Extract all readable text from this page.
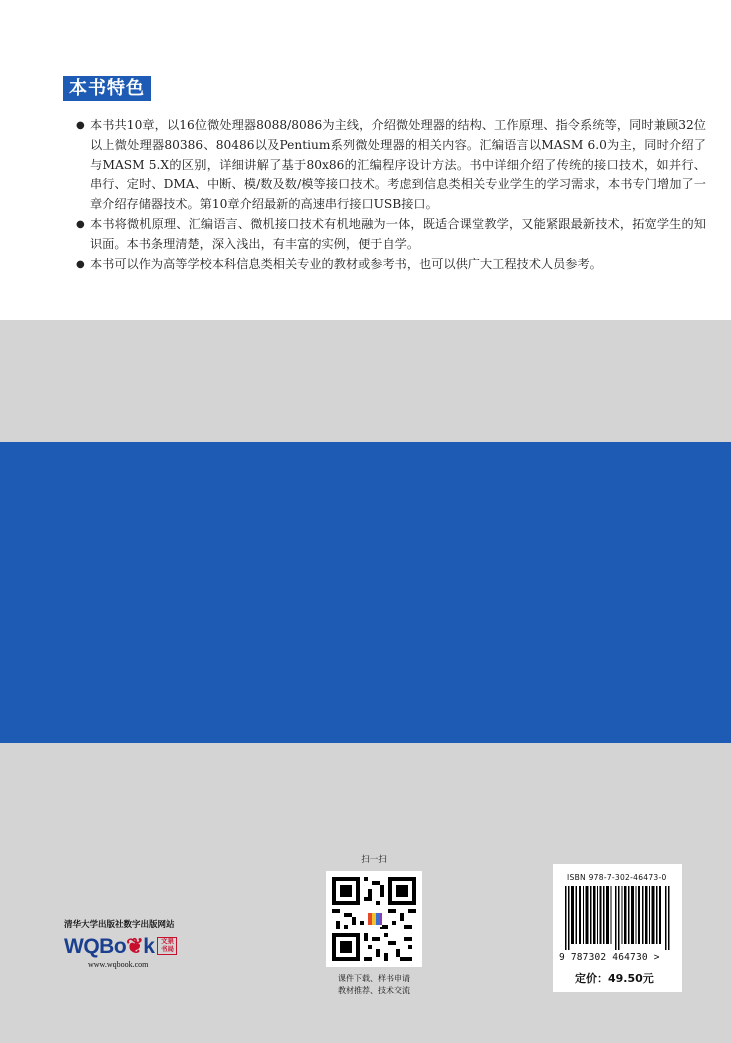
本书特色
● 本书共10章，以16位微处理器8088/8086为主线，介绍微处理器的结构、工作原理、指令系统等，同时兼顾32位以上微处理器80386、80486以及Pentium系列微处理器的相关内容。汇编语言以MASM 6.0为主，同时介绍了与MASM 5.X的区别，详细讲解了基于80x86的汇编程序设计方法。书中详细介绍了传统的接口技术，如并行、串行、定时、DMA、中断、模/数及数/模等接口技术。考虑到信息类相关专业学生的学习需求，本书专门增加了一章介绍存储器技术。第10章介绍最新的高速串行接口USB接口。
● 本书将微机原理、汇编语言、微机接口技术有机地融为一体，既适合课堂教学，又能紧跟最新技术，拓宽学生的知识面。本书条理清楚，深入浅出，有丰富的实例，便于自学。
● 本书可以作为高等学校本科信息类相关专业的教材或参考书，也可以供广大工程技术人员参考。
清华大学出版社数字出版网站
WQBo❦k	文泉
书局
www.wqbook.com
扫一扫
课件下载、样书申请
教材推荐、技术交流
ISBN 978-7-302-46473-0
9 787302 464730 >
定价：49.50元
